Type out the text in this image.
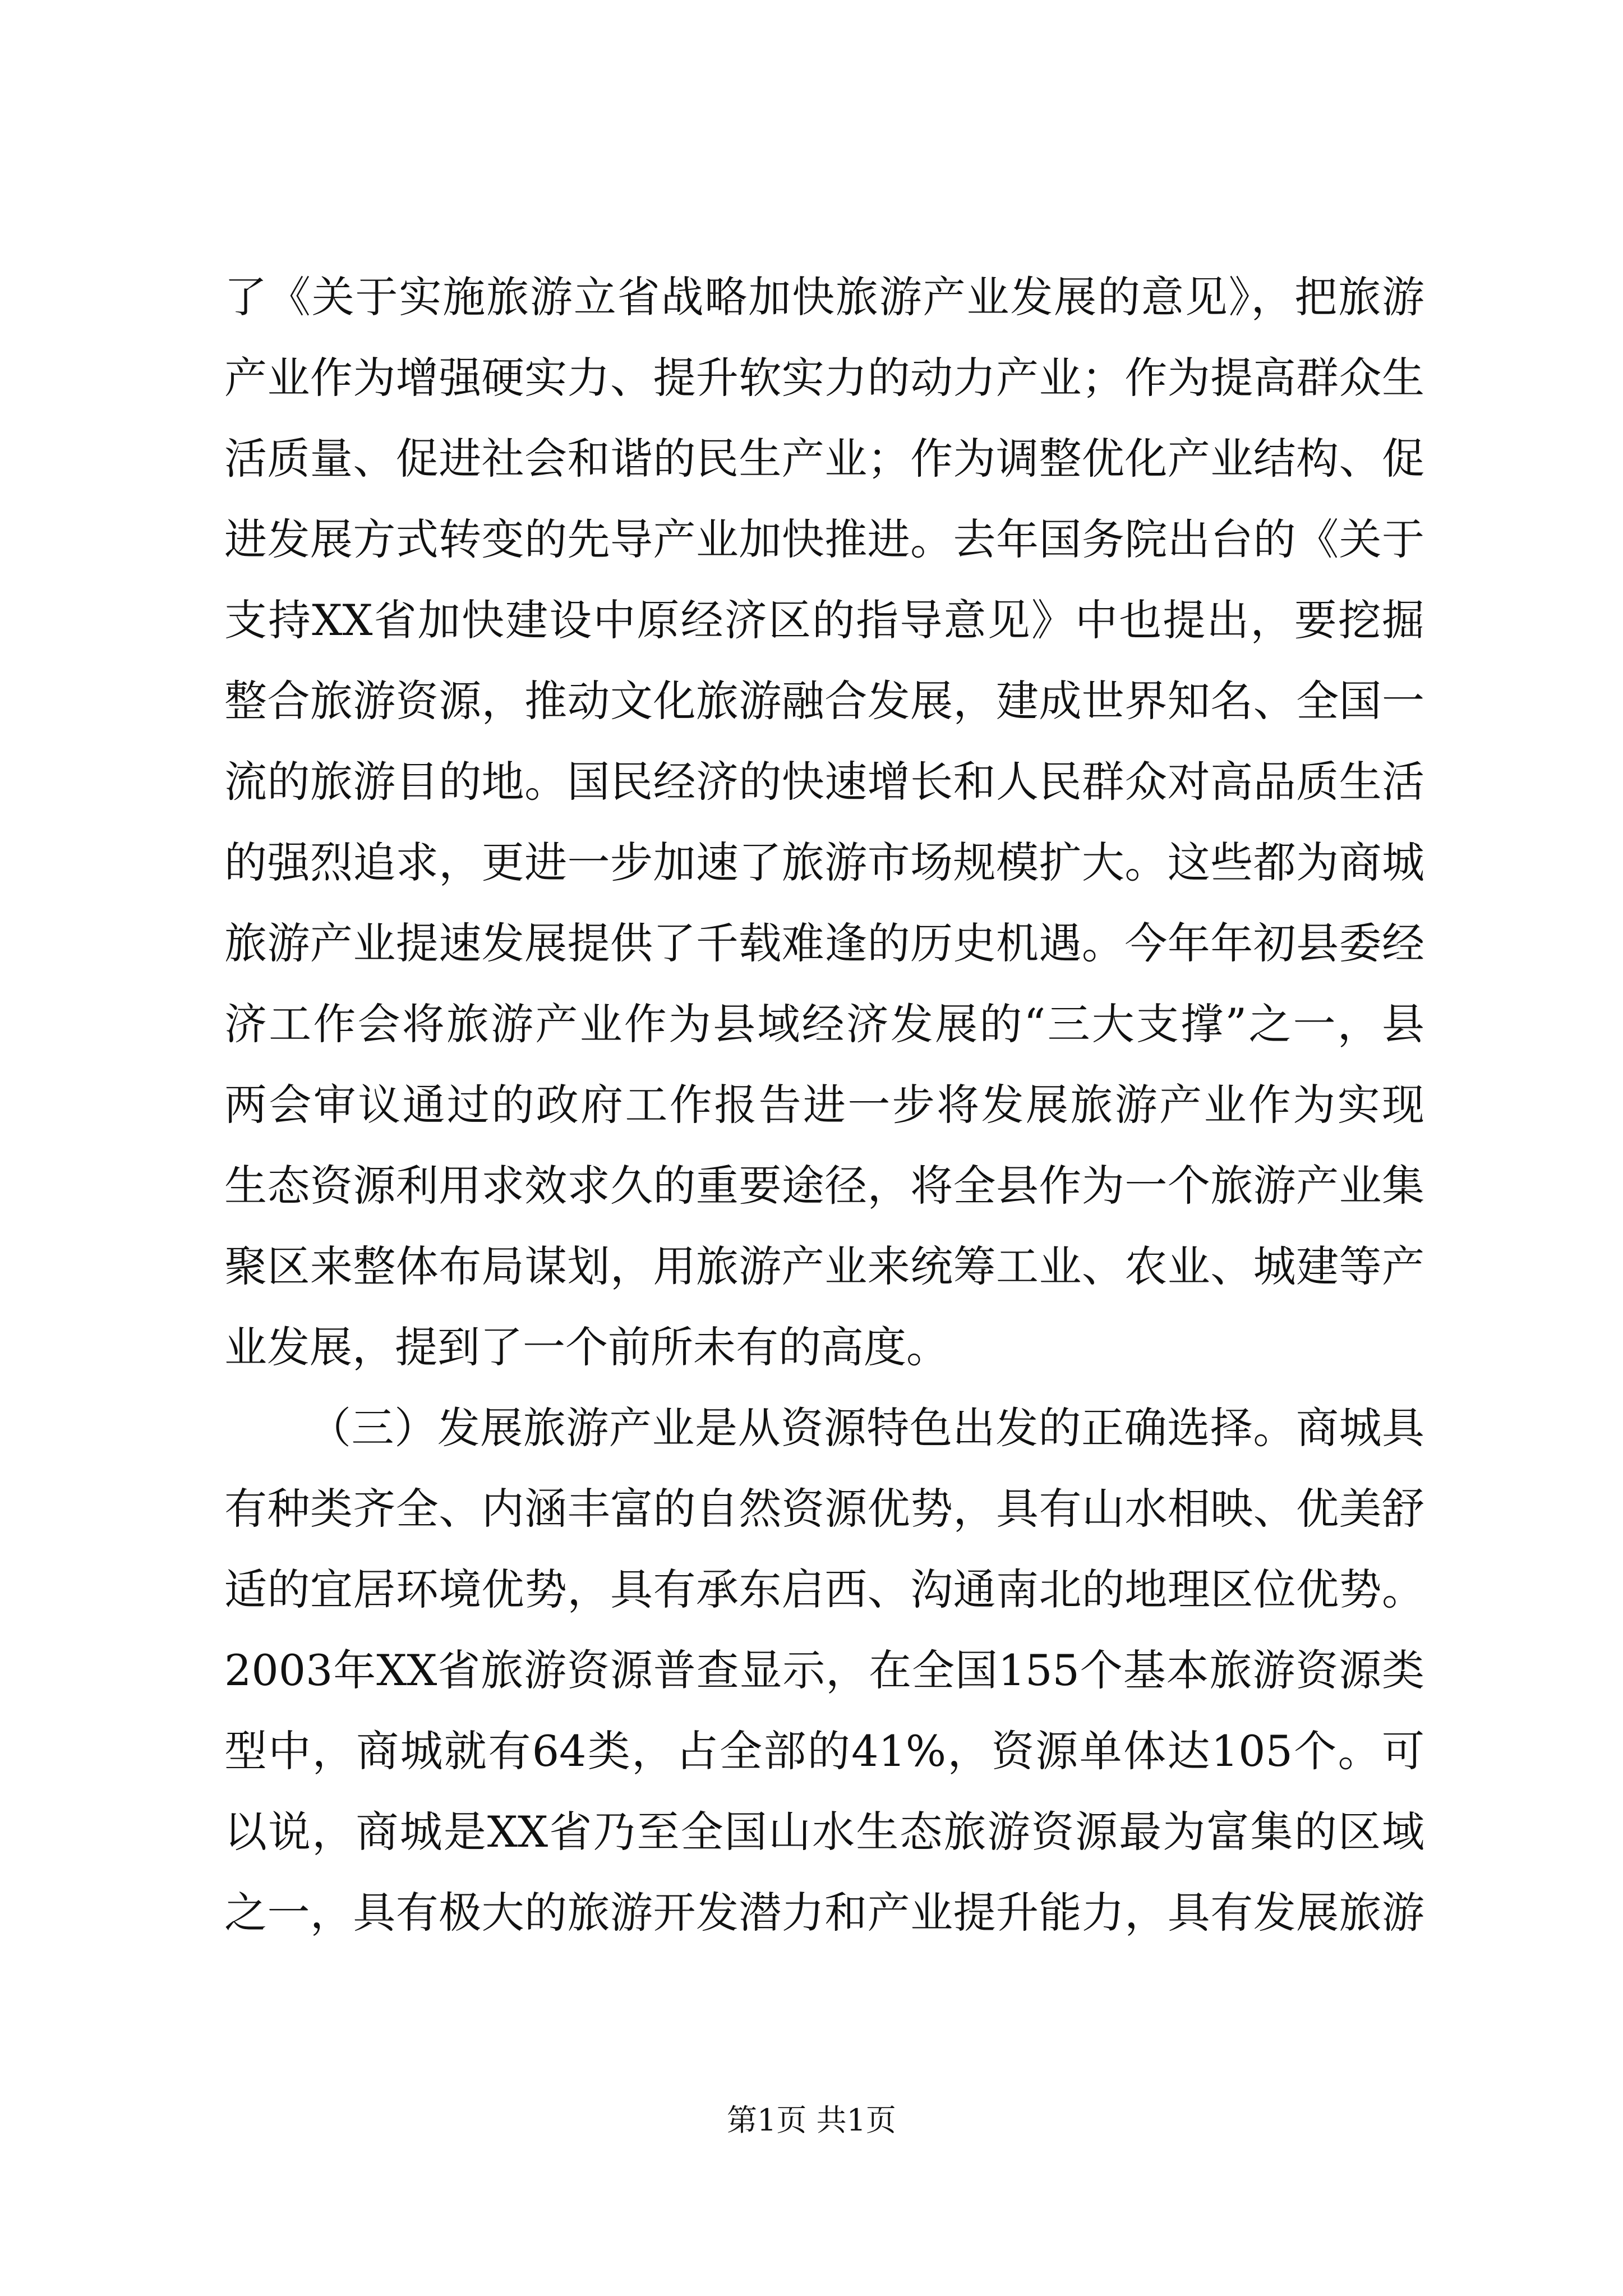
了《关于实施旅游立省战略加快旅游产业发展的意见》，把旅游
产业作为增强硬实力、提升软实力的动力产业；作为提高群众生
活质量、促进社会和谐的民生产业；作为调整优化产业结构、促
进发展方式转变的先导产业加快推进。去年国务院出台的《关于
支持XX省加快建设中原经济区的指导意见》中也提出，要挖掘
整合旅游资源，推动文化旅游融合发展，建成世界知名、全国一
流的旅游目的地。国民经济的快速增长和人民群众对高品质生活
的强烈追求，更进一步加速了旅游市场规模扩大。这些都为商城
旅游产业提速发展提供了千载难逢的历史机遇。今年年初县委经
济工作会将旅游产业作为县域经济发展的“三大支撑”之一，县
两会审议通过的政府工作报告进一步将发展旅游产业作为实现
生态资源利用求效求久的重要途径，将全县作为一个旅游产业集
聚区来整体布局谋划，用旅游产业来统筹工业、农业、城建等产
业发展，提到了一个前所未有的高度。
（三）发展旅游产业是从资源特色出发的正确选择。商城具
有种类齐全、内涵丰富的自然资源优势，具有山水相映、优美舒
适的宜居环境优势，具有承东启西、沟通南北的地理区位优势。
2003年XX省旅游资源普查显示，在全国155个基本旅游资源类
型中，商城就有64类，占全部的41%，资源单体达105个。可
以说，商城是XX省乃至全国山水生态旅游资源最为富集的区域
之一，具有极大的旅游开发潜力和产业提升能力，具有发展旅游
第1页 共1页
